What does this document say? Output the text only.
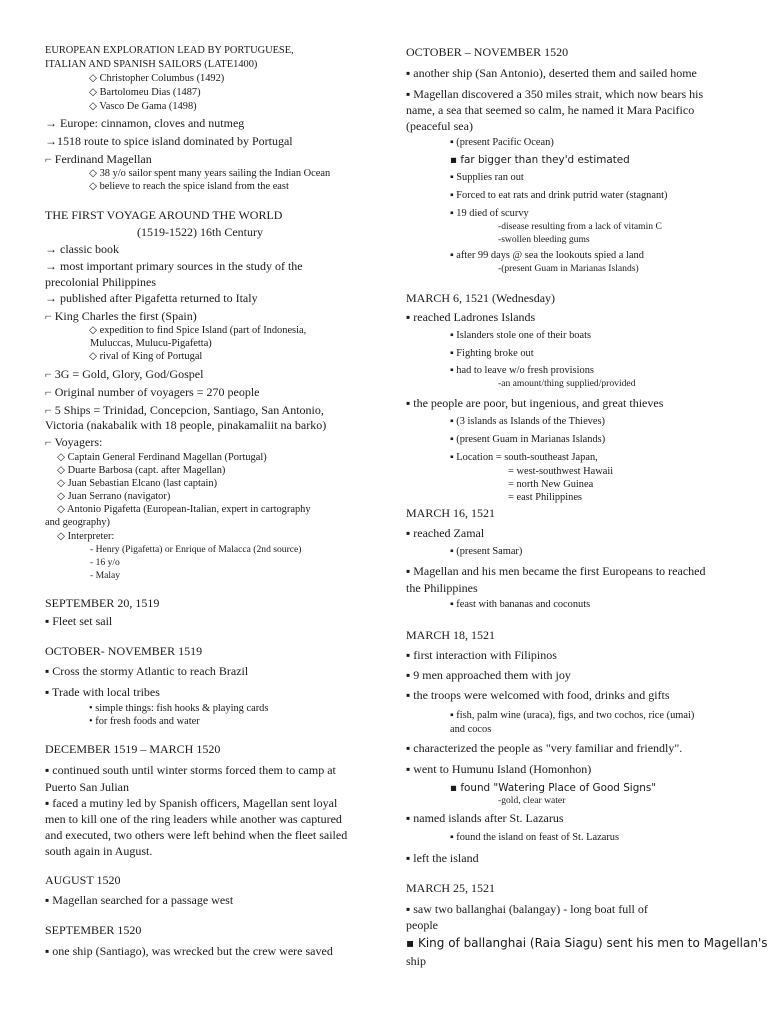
EUROPEAN EXPLORATION LEAD BY PORTUGUESE,
ITALIAN AND SPANISH SAILORS (LATE1400)
◇ Christopher Columbus (1492)
◇ Bartolomeu Dias (1487)
◇ Vasco De Gama (1498)
→ Europe: cinnamon, cloves and nutmeg
→1518 route to spice island dominated by Portugal
⌐ Ferdinand Magellan
◇ 38 y/o sailor spent many years sailing the Indian Ocean
◇ believe to reach the spice island from the east
THE FIRST VOYAGE AROUND THE WORLD
(1519-1522) 16th Century
→ classic book
→ most important primary sources in the study of the
precolonial Philippines
→ published after Pigafetta returned to Italy
⌐ King Charles the first (Spain)
◇ expedition to find Spice Island (part of Indonesia,
Muluccas, Mulucu-Pigafetta)
◇ rival of King of Portugal
⌐ 3G = Gold, Glory, God/Gospel
⌐ Original number of voyagers = 270 people
⌐ 5 Ships = Trinidad, Concepcion, Santiago, San Antonio,
Victoria (nakabalik with 18 people, pinakamaliit na barko)
⌐ Voyagers:
◇ Captain General Ferdinand Magellan (Portugal)
◇ Duarte Barbosa (capt. after Magellan)
◇ Juan Sebastian Elcano (last captain)
◇ Juan Serrano (navigator)
◇ Antonio Pigafetta (European-Italian, expert in cartography
and geography)
◇ Interpreter:
- Henry (Pigafetta) or Enrique of Malacca (2nd source)
- 16 y/o
- Malay
SEPTEMBER 20, 1519
▪ Fleet set sail
OCTOBER- NOVEMBER 1519
▪ Cross the stormy Atlantic to reach Brazil
▪ Trade with local tribes
• simple things: fish hooks & playing cards
• for fresh foods and water
DECEMBER 1519 – MARCH 1520
▪ continued south until winter storms forced them to camp at
Puerto San Julian
▪ faced a mutiny led by Spanish officers, Magellan sent loyal
men to kill one of the ring leaders while another was captured
and executed, two others were left behind when the fleet sailed
south again in August.
AUGUST 1520
▪ Magellan searched for a passage west
SEPTEMBER 1520
▪ one ship (Santiago), was wrecked but the crew were saved
OCTOBER – NOVEMBER 1520
▪ another ship (San Antonio), deserted them and sailed home
▪ Magellan discovered a 350 miles strait, which now bears his
name, a sea that seemed so calm, he named it Mara Pacifico
(peaceful sea)
▪ (present Pacific Ocean)
▪ far bigger than they'd estimated
▪ Supplies ran out
▪ Forced to eat rats and drink putrid water (stagnant)
▪ 19 died of scurvy
-disease resulting from a lack of vitamin C
-swollen bleeding gums
▪ after 99 days @ sea the lookouts spied a land
-(present Guam in Marianas Islands)
MARCH 6, 1521 (Wednesday)
▪ reached Ladrones Islands
▪ Islanders stole one of their boats
▪ Fighting broke out
▪ had to leave w/o fresh provisions
-an amount/thing supplied/provided
▪ the people are poor, but ingenious, and great thieves
▪ (3 islands as Islands of the Thieves)
▪ (present Guam in Marianas Islands)
▪ Location = south-southeast Japan,
= west-southwest Hawaii
= north New Guinea
= east Philippines
MARCH 16, 1521
▪ reached Zamal
▪ (present Samar)
▪ Magellan and his men became the first Europeans to reached
the Philippines
▪ feast with bananas and coconuts
MARCH 18, 1521
▪ first interaction with Filipinos
▪ 9 men approached them with joy
▪ the troops were welcomed with food, drinks and gifts
▪ fish, palm wine (uraca), figs, and two cochos, rice (umai)
and cocos
▪ characterized the people as "very familiar and friendly".
▪ went to Humunu Island (Homonhon)
▪ found "Watering Place of Good Signs"
-gold, clear water
▪ named islands after St. Lazarus
▪ found the island on feast of St. Lazarus
▪ left the island
MARCH 25, 1521
▪ saw two ballanghai (balangay) - long boat full of
people
▪ King of ballanghai (Raia Siagu) sent his men to Magellan's
ship
